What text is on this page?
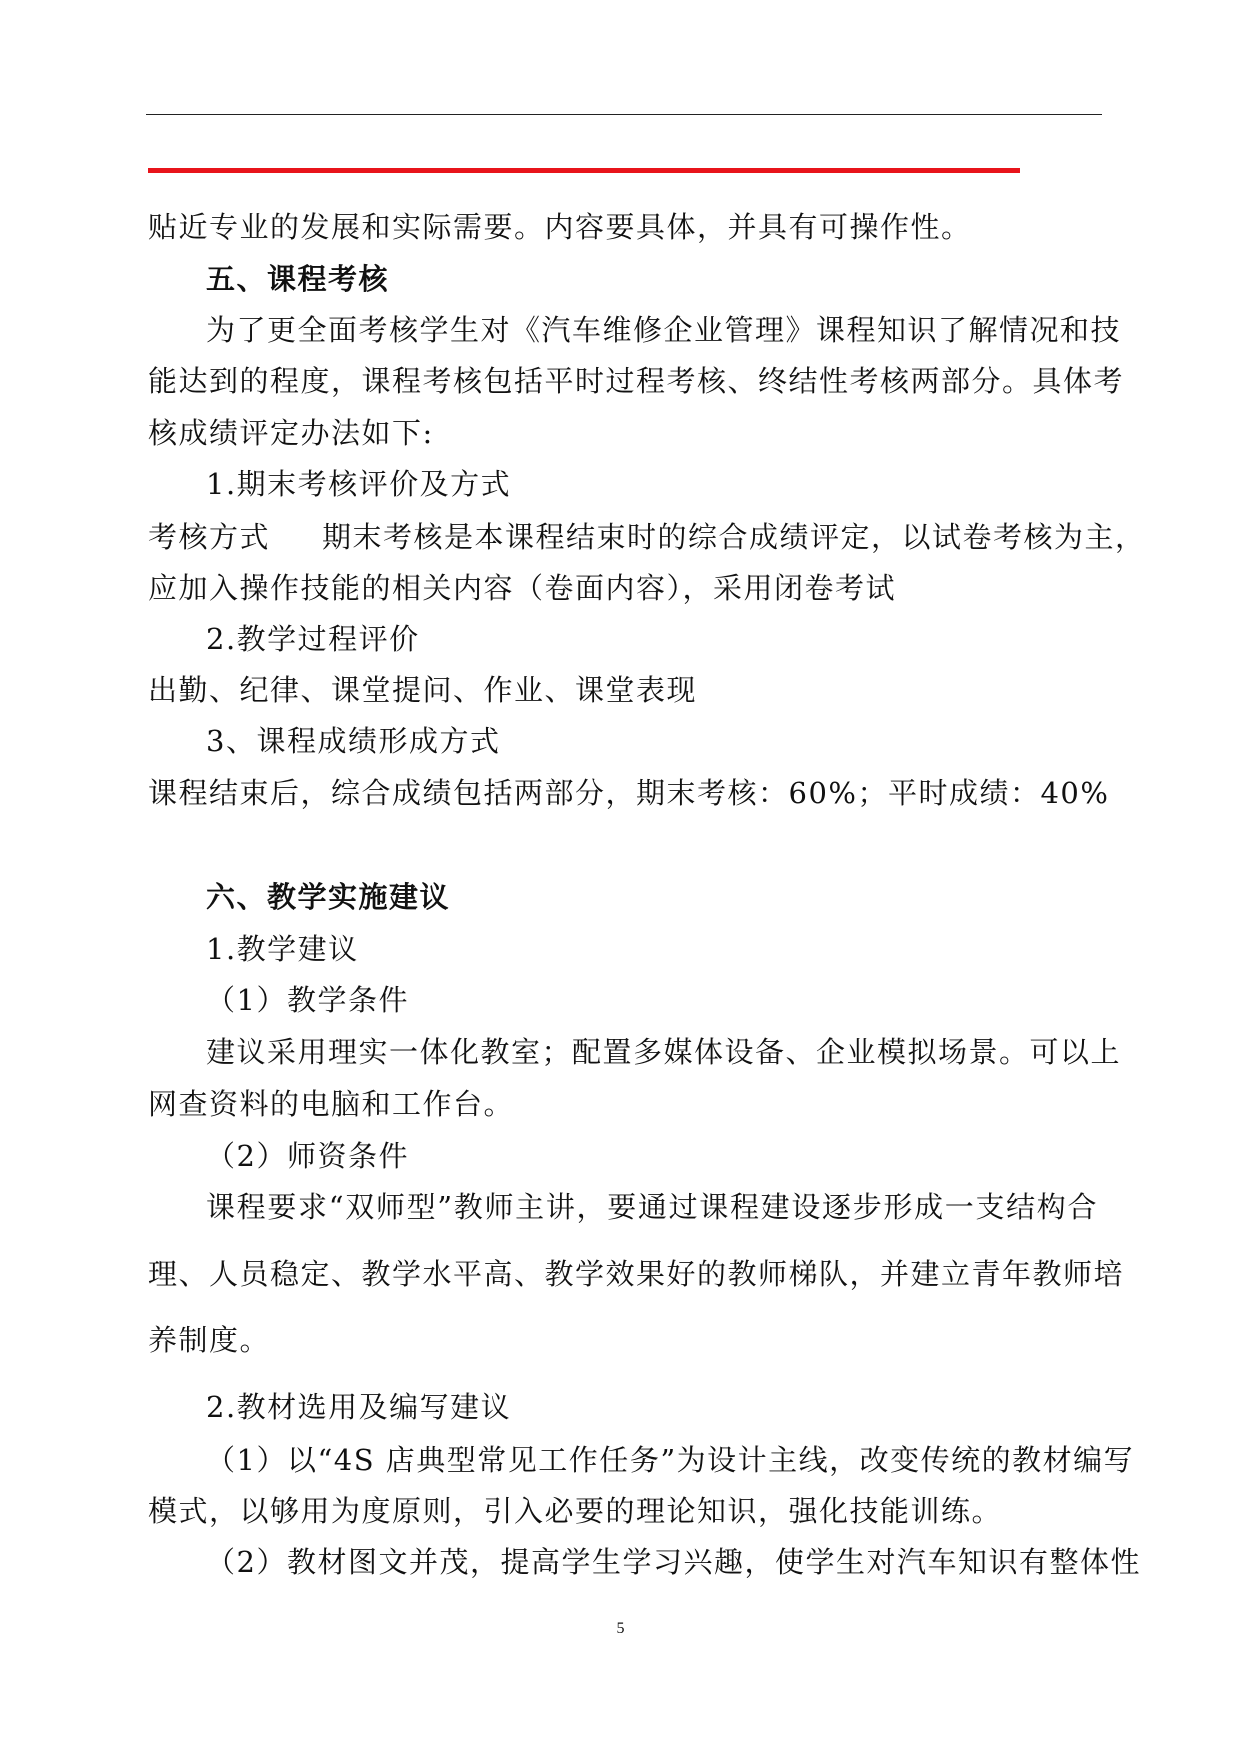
贴近专业的发展和实际需要。内容要具体，并具有可操作性。
五、课程考核
为了更全面考核学生对《汽车维修企业管理》课程知识了解情况和技
能达到的程度，课程考核包括平时过程考核、终结性考核两部分。具体考
核成绩评定办法如下:
1.期末考核评价及方式
考核方式 期末考核是本课程结束时的综合成绩评定，以试卷考核为主，
应加入操作技能的相关内容（卷面内容），采用闭卷考试
2.教学过程评价
出勤、纪律、课堂提问、作业、课堂表现
3、课程成绩形成方式
课程结束后，综合成绩包括两部分，期末考核：60%；平时成绩：40%
六、教学实施建议
1.教学建议
（1）教学条件
建议采用理实一体化教室；配置多媒体设备、企业模拟场景。可以上
网查资料的电脑和工作台。
（2）师资条件
课程要求“双师型”教师主讲，要通过课程建设逐步形成一支结构合
理、人员稳定、教学水平高、教学效果好的教师梯队，并建立青年教师培
养制度。
2.教材选用及编写建议
（1）以“4S 店典型常见工作任务”为设计主线，改变传统的教材编写
模式，以够用为度原则，引入必要的理论知识，强化技能训练。
（2）教材图文并茂，提高学生学习兴趣，使学生对汽车知识有整体性
5
